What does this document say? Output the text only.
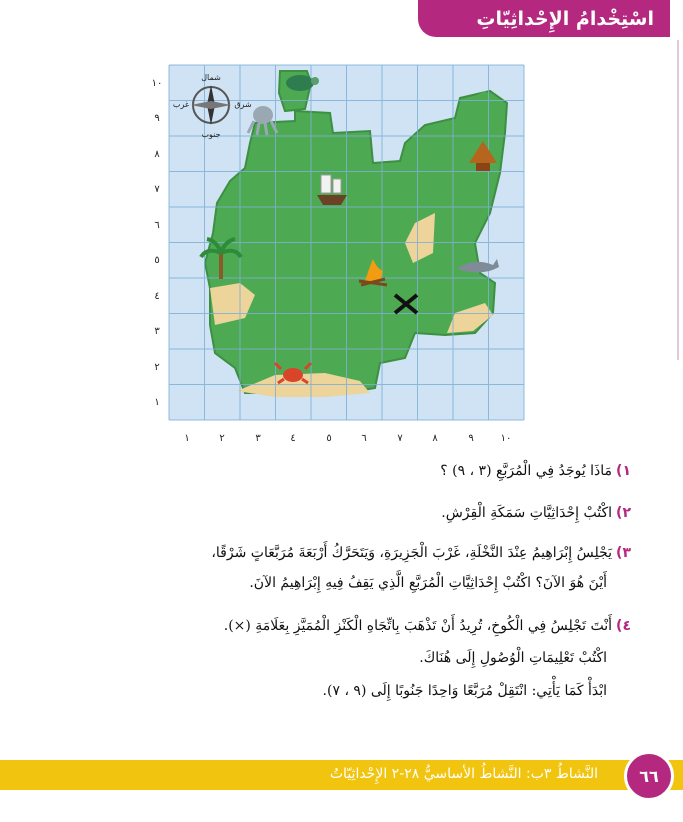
اسْتِخْدامُ الإِحْداثِيّاتِ
شمال
شرق
غرب
جنوب
١٠
٩
٨
٧
٦
٥
٤
٣
٢
١
١	٢	٣	٤	٥	٦	٧	٨	٩	١٠
١)مَاذَا يُوجَدُ فِي الْمُرَبَّعِ (٣ ، ٩) ؟
٢)اكْتُبْ إِحْدَاثِيَّاتِ سَمَكَةِ الْقِرْشِ.
٣)يَجْلِسُ إِبْرَاهِيمُ عِنْدَ النَّخْلَةِ، غَرْبَ الْجَزِيرَةِ، وَيَتَحَرَّكُ أَرْبَعَةَ مُرَبَّعَاتٍ شَرْقًا،
أَيْنَ هُوَ الآنَ؟ اكْتُبْ إِحْدَاثِيَّاتِ الْمُرَبَّعِ الَّذِي يَقِفُ فِيهِ إِبْرَاهِيمُ الآنَ.
٤)أَنْتَ تَجْلِسُ فِي الْكُوخِ، تُرِيدُ أَنْ تَذْهَبَ بِاتِّجَاهِ الْكَنْزِ الْمُمَيَّزِ بِعَلَامَةِ (×).
اكْتُبْ تَعْلِيمَاتِ الْوُصُولِ إِلَى هُنَاكَ.
ابْدَأْ كَمَا يَأْتِي: انْتَقِلْ مُرَبَّعًا وَاحِدًا جَنُوبًا إِلَى (٩ ، ٧).
النَّشاطُ ٣ب: النَّشاطُ الأساسيُّ ٢٨-٢ الإِحْداثِيّاتُ	٦٦
